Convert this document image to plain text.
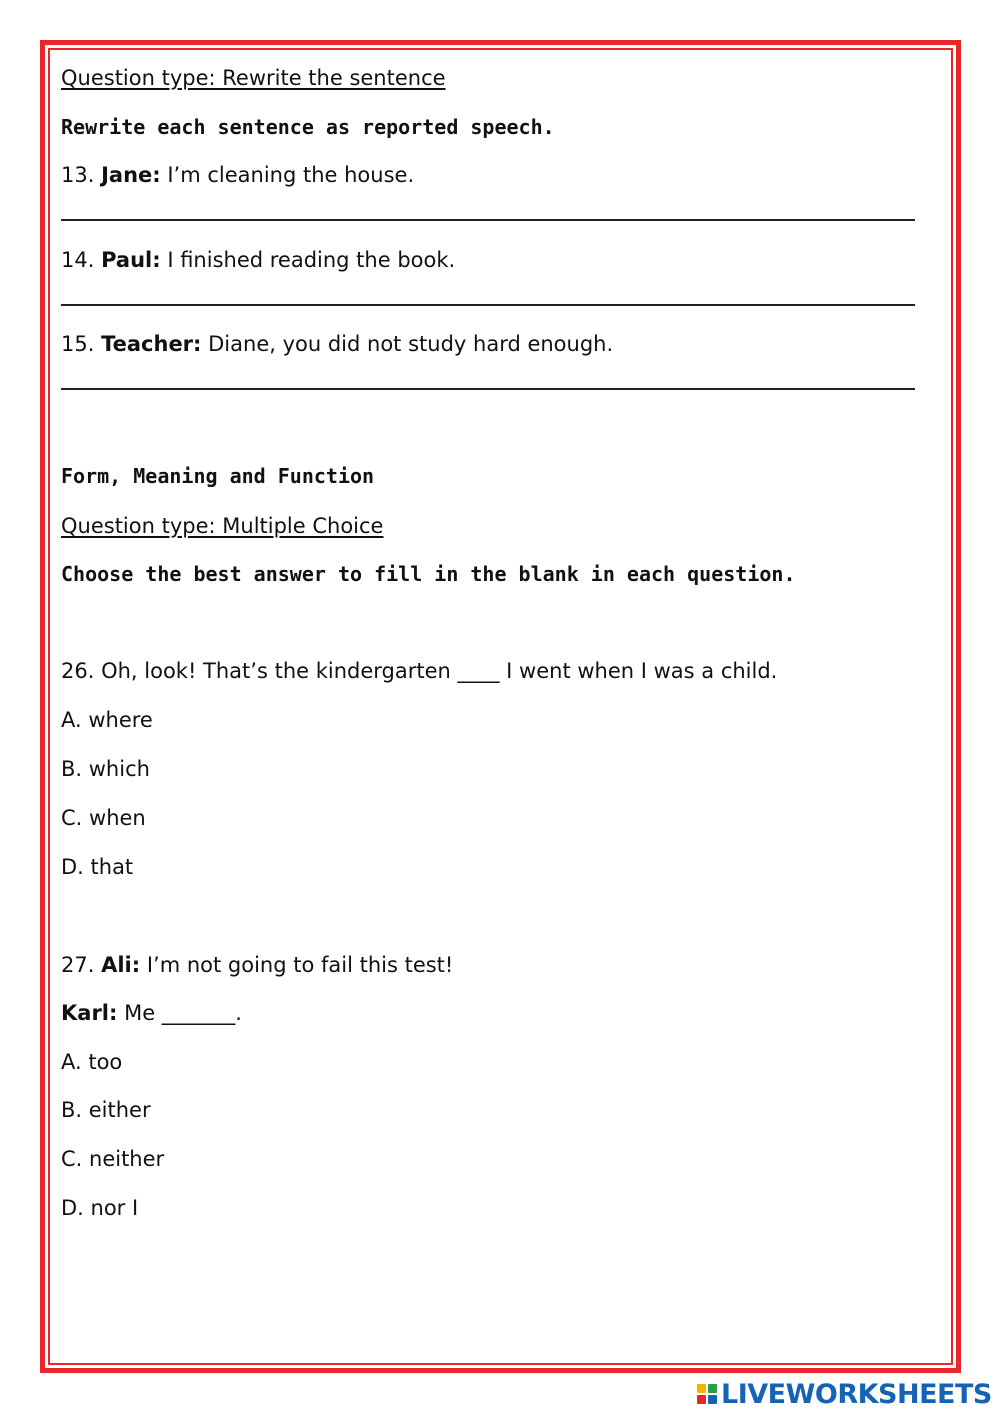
Question type: Rewrite the sentence
Rewrite each sentence as reported speech.
13. Jane: I’m cleaning the house.
14. Paul: I finished reading the book.
15. Teacher: Diane, you did not study hard enough.
Form, Meaning and Function
Question type: Multiple Choice
Choose the best answer to fill in the blank in each question.
26. Oh, look! That’s the kindergarten ____ I went when I was a child.
A. where
B. which
C. when
D. that
27. Ali: I’m not going to fail this test!
Karl: Me _______.
A. too
B. either
C. neither
D. nor I
LIVEWORKSHEETS
